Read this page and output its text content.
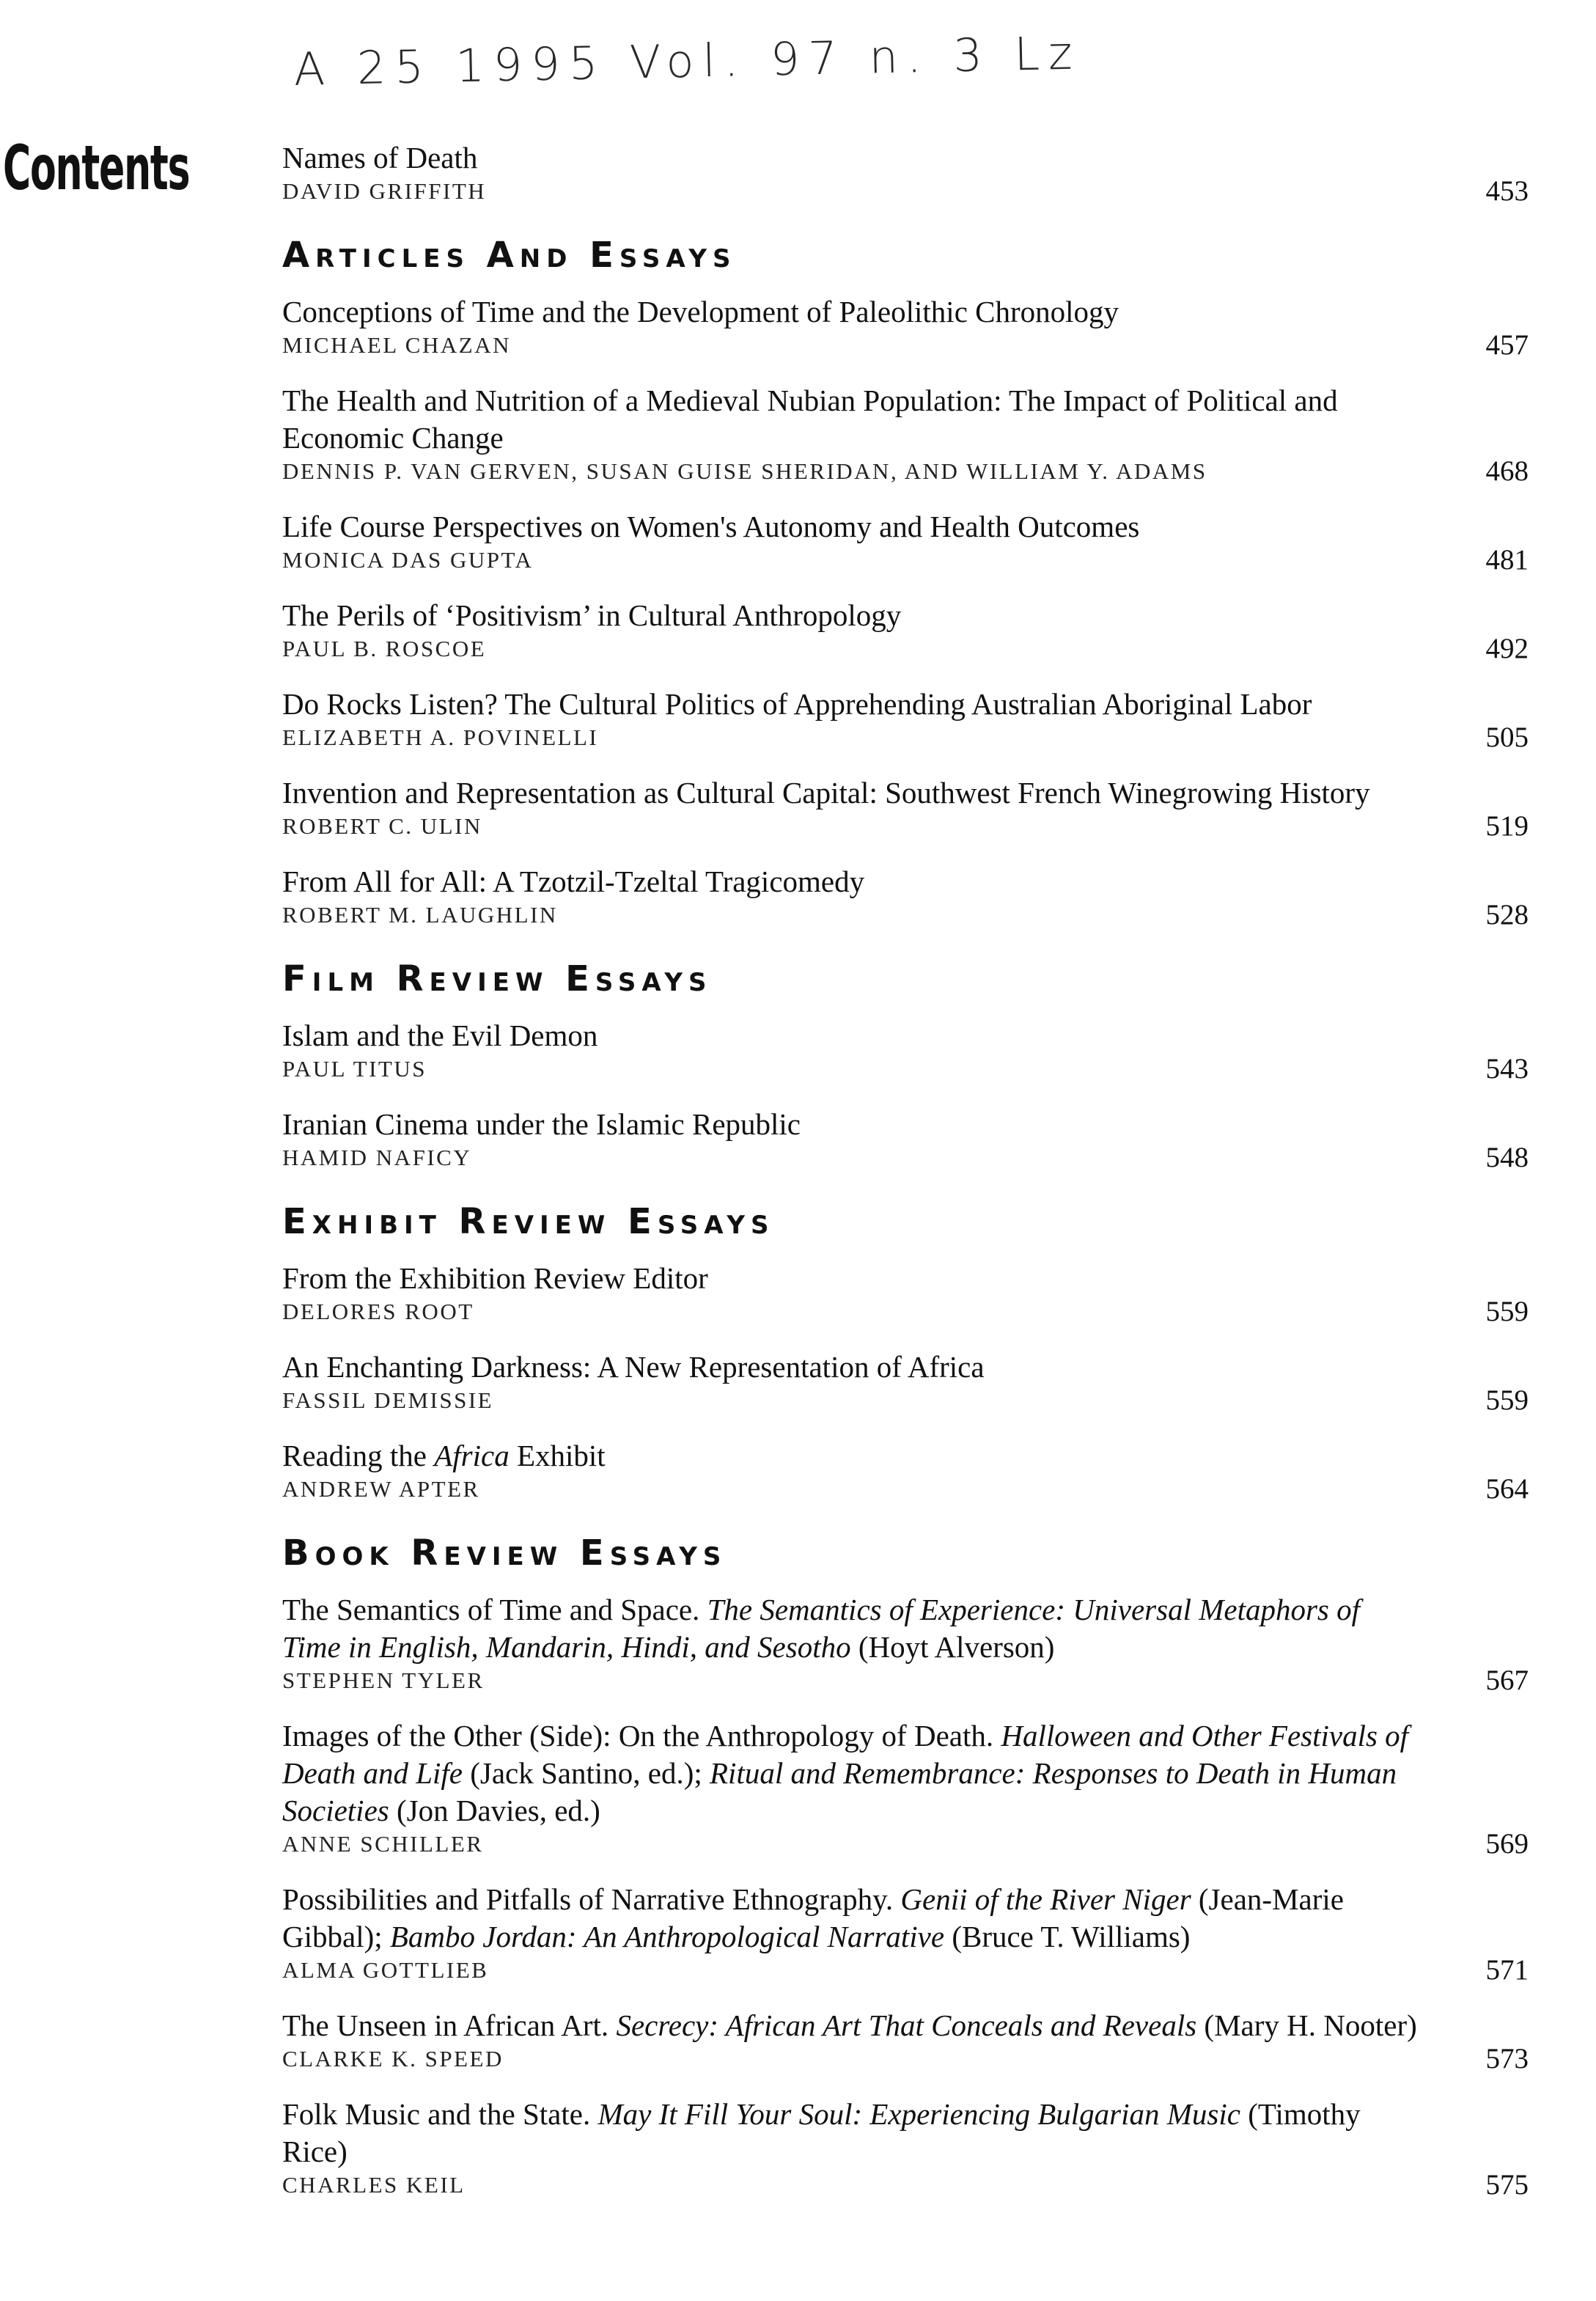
A 25 1995 Vol. 97 n. 3 Lz
Contents	Names of Death
DAVID GRIFFITH	453
ARTICLES AND ESSAYS
Conceptions of Time and the Development of Paleolithic Chronology
MICHAEL CHAZAN	457
The Health and Nutrition of a Medieval Nubian Population: The Impact of Political and Economic Change
DENNIS P. VAN GERVEN, SUSAN GUISE SHERIDAN, AND WILLIAM Y. ADAMS	468
Life Course Perspectives on Women's Autonomy and Health Outcomes
MONICA DAS GUPTA	481
The Perils of ‘Positivism’ in Cultural Anthropology
PAUL B. ROSCOE	492
Do Rocks Listen? The Cultural Politics of Apprehending Australian Aboriginal Labor
ELIZABETH A. POVINELLI	505
Invention and Representation as Cultural Capital: Southwest French Winegrowing History
ROBERT C. ULIN	519
From All for All: A Tzotzil-Tzeltal Tragicomedy
ROBERT M. LAUGHLIN	528
FILM REVIEW ESSAYS
Islam and the Evil Demon
PAUL TITUS	543
Iranian Cinema under the Islamic Republic
HAMID NAFICY	548
EXHIBIT REVIEW ESSAYS
From the Exhibition Review Editor
DELORES ROOT	559
An Enchanting Darkness: A New Representation of Africa
FASSIL DEMISSIE	559
Reading the Africa Exhibit
ANDREW APTER	564
BOOK REVIEW ESSAYS
The Semantics of Time and Space. The Semantics of Experience: Universal Metaphors of Time in English, Mandarin, Hindi, and Sesotho (Hoyt Alverson)
STEPHEN TYLER	567
Images of the Other (Side): On the Anthropology of Death. Halloween and Other Festivals of Death and Life (Jack Santino, ed.); Ritual and Remembrance: Responses to Death in Human Societies (Jon Davies, ed.)
ANNE SCHILLER	569
Possibilities and Pitfalls of Narrative Ethnography. Genii of the River Niger (Jean-Marie Gibbal); Bambo Jordan: An Anthropological Narrative (Bruce T. Williams)
ALMA GOTTLIEB	571
The Unseen in African Art. Secrecy: African Art That Conceals and Reveals (Mary H. Nooter)
CLARKE K. SPEED	573
Folk Music and the State. May It Fill Your Soul: Experiencing Bulgarian Music (Timothy Rice)
CHARLES KEIL	575
